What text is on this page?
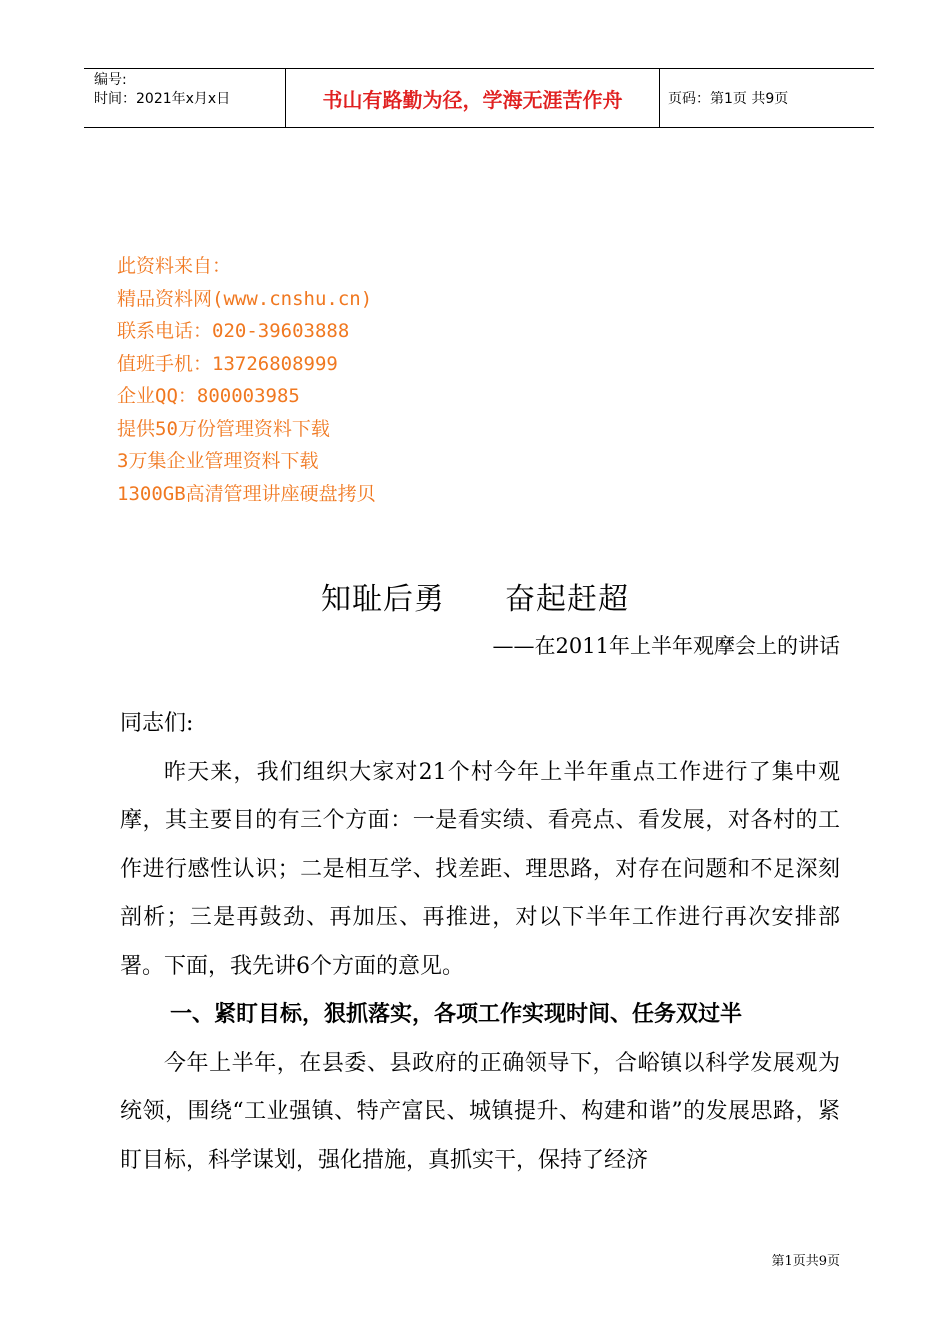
编号:
时间：2021年x月x日	书山有路勤为径，学海无涯苦作舟	页码：第1页 共9页
此资料来自：
精品资料网(www.cnshu.cn)
联系电话：020-39603888
值班手机：13726808999
企业QQ：800003985
提供50万份管理资料下载
3万集企业管理资料下载
1300GB高清管理讲座硬盘拷贝
知耻后勇 奋起赶超
——在2011年上半年观摩会上的讲话

同志们:

昨天来，我们组织大家对21个村今年上半年重点工作进行了集中观摩，其主要目的有三个方面：一是看实绩、看亮点、看发展，对各村的工作进行感性认识；二是相互学、找差距、理思路，对存在问题和不足深刻剖析；三是再鼓劲、再加压、再推进，对以下半年工作进行再次安排部署。下面，我先讲6个方面的意见。

一、紧盯目标，狠抓落实，各项工作实现时间、任务双过半

今年上半年，在县委、县政府的正确领导下，合峪镇以科学发展观为统领，围绕“工业强镇、特产富民、城镇提升、构建和谐”的发展思路，紧盯目标，科学谋划，强化措施，真抓实干，保持了经济

第1页共9页
